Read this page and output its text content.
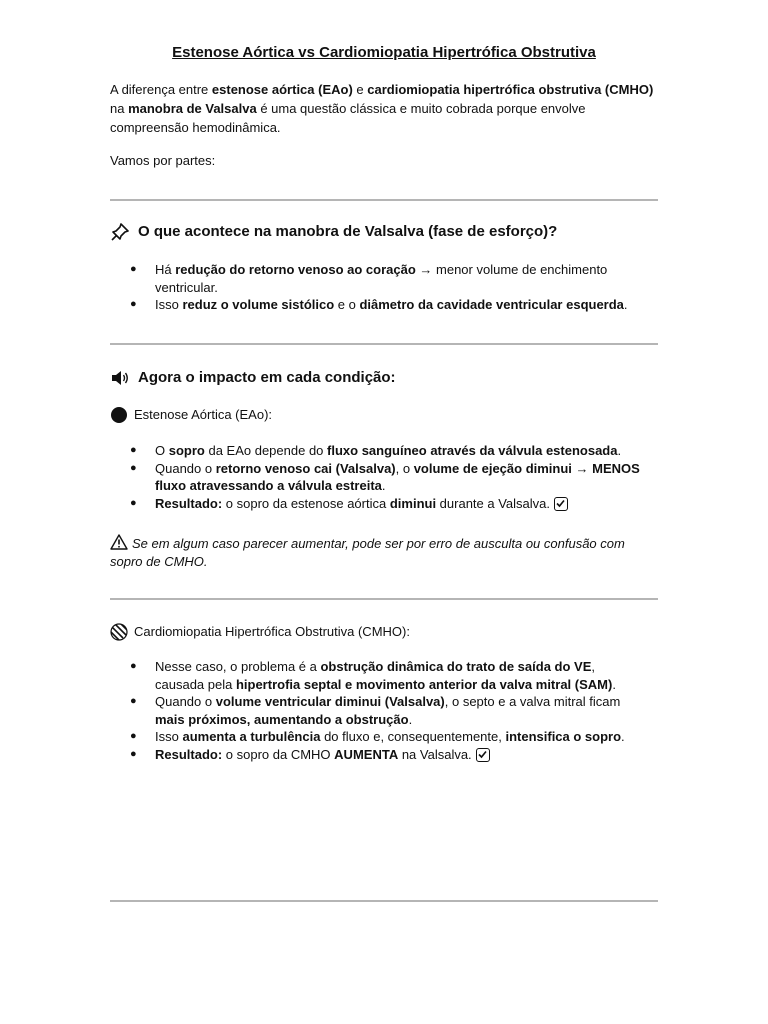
Estenose Aórtica vs Cardiomiopatia Hipertrófica Obstrutiva
A diferença entre estenose aórtica (EAo) e cardiomiopatia hipertrófica obstrutiva (CMHO) na manobra de Valsalva é uma questão clássica e muito cobrada porque envolve compreensão hemodinâmica.
Vamos por partes:
O que acontece na manobra de Valsalva (fase de esforço)?
● Há redução do retorno venoso ao coração → menor volume de enchimento ventricular.
● Isso reduz o volume sistólico e o diâmetro da cavidade ventricular esquerda.
Agora o impacto em cada condição:
Estenose Aórtica (EAo):
● O sopro da EAo depende do fluxo sanguíneo através da válvula estenosada.
● Quando o retorno venoso cai (Valsalva), o volume de ejeção diminui → MENOS fluxo atravessando a válvula estreita.
● Resultado: o sopro da estenose aórtica diminui durante a Valsalva.
Se em algum caso parecer aumentar, pode ser por erro de ausculta ou confusão com sopro de CMHO.
Cardiomiopatia Hipertrófica Obstrutiva (CMHO):
● Nesse caso, o problema é a obstrução dinâmica do trato de saída do VE, causada pela hipertrofia septal e movimento anterior da valva mitral (SAM).
● Quando o volume ventricular diminui (Valsalva), o septo e a valva mitral ficam mais próximos, aumentando a obstrução.
● Isso aumenta a turbulência do fluxo e, consequentemente, intensifica o sopro.
● Resultado: o sopro da CMHO AUMENTA na Valsalva.
